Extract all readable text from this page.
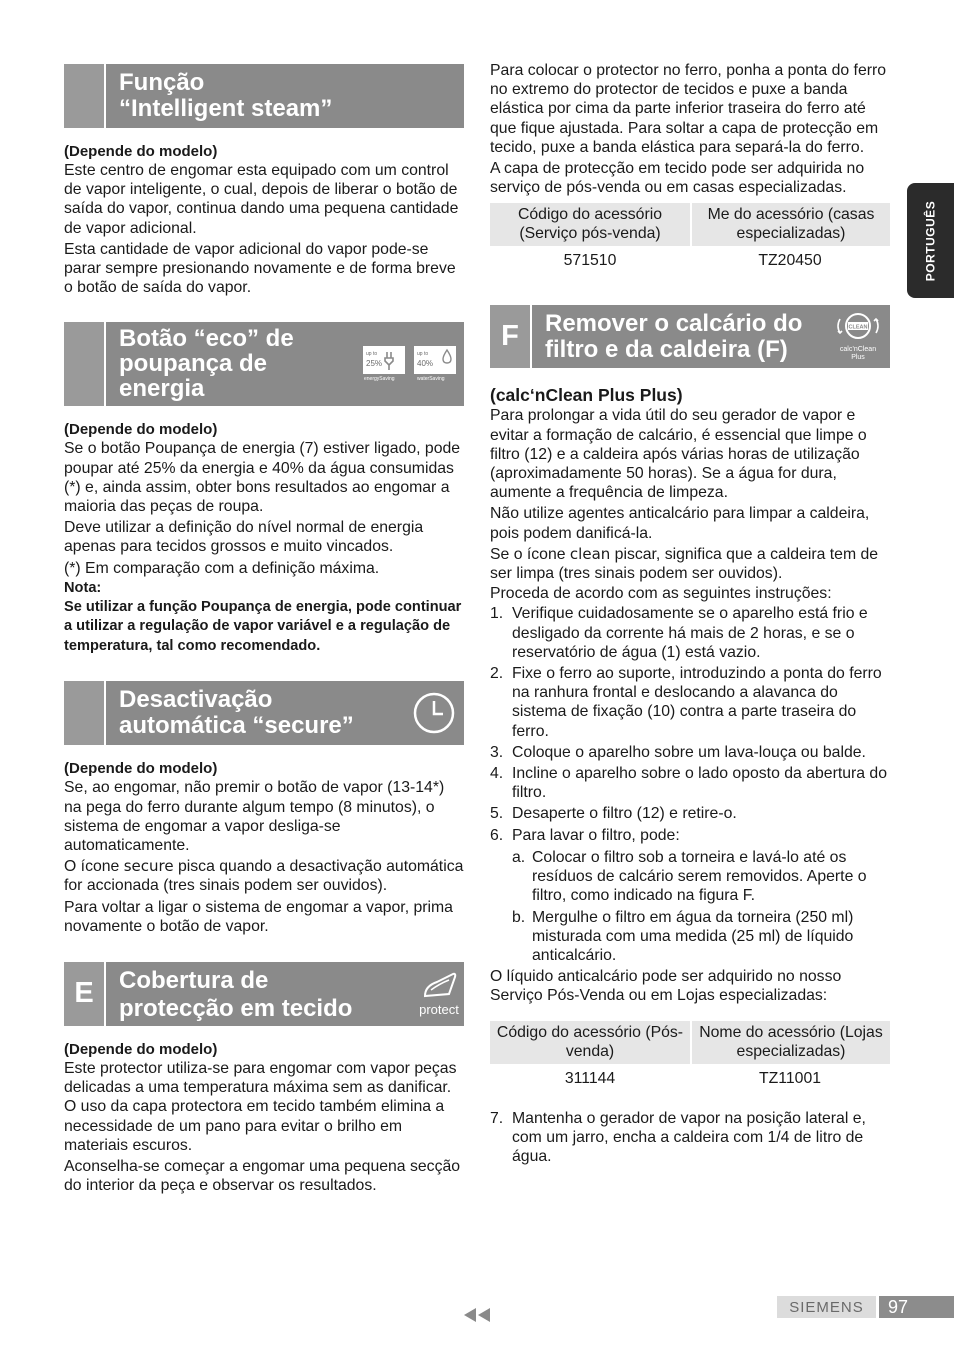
PORTUGUÊS
Função
“Intelligent steam”
(Depende do modelo)

Este centro de engomar esta equipado com um control de vapor inteligente, o cual, depois de liberar o botão de saída do vapor, continua dando uma pequena cantidade de vapor adicional.

Esta cantidade de vapor adicional do vapor pode-se parar sempre presionando novamente e de forma breve o botão de saída do vapor.

Botão “eco” de
poupança de
energia
up to
25%
energySaving
up to
40%
waterSaving
(Depende do modelo)

Se o botão Poupança de energia (7) estiver ligado, pode poupar até 25% da energia e 40% da água consumidas (*) e, ainda assim, obter bons resultados ao engomar a maioria das peças de roupa.

Deve utilizar a definição do nível normal de energia apenas para tecidos grossos e muito vincados.

(*) Em comparação com a definição máxima.

Nota:

Se utilizar a função Poupança de energia, pode continuar a utilizar a regulação de vapor variável e a regulação de temperatura, tal como recomendado.

Desactivação
automática “secure”
(Depende do modelo)

Se, ao engomar, não premir o botão de vapor (13-14*) na pega do ferro durante algum tempo (8 minutos), o sistema de engomar a vapor desliga-se automaticamente.

O ícone secure pisca quando a desactivação automática for accionada (tres sinais podem ser ouvidos).

Para voltar a ligar o sistema de engomar a vapor, prima novamente o botão de vapor.

E	Cobertura de
protecção em tecido	protect
(Depende do modelo)

Este protector utiliza-se para engomar com vapor peças delicadas a uma temperatura máxima sem as danificar. O uso da capa protectora em tecido também elimina a necessidade de um pano para evitar o brilho em materiais escuros.

Aconselha-se começar a engomar uma pequena secção do interior da peça e observar os resultados.

Para colocar o protector no ferro, ponha a ponta do ferro no extremo do protector de tecidos e puxe a banda elástica por cima da parte inferior traseira do ferro até que fique ajustada. Para soltar a capa de protecção em tecido, puxe a banda elástica para separá-la do ferro.

A capa de protecção em tecido pode ser adquirida no serviço de pós-venda ou em casas especializadas.

Código do acessório (Serviço pós-venda)	Me do acessório (casas especializadas)
571510	TZ20450
F	Remover o calcário do
filtro e da caldeira (F)
CLEAN
calc’nClean
Plus
(calc‘nClean Plus Plus)

Para prolongar a vida útil do seu gerador de vapor e evitar a formação de calcário, é essencial que limpe o filtro (12) e a caldeira após várias horas de utilização (aproximadamente 50 horas). Se a água for dura, aumente a frequência de limpeza.

Não utilize agentes anticalcário para limpar a caldeira, pois podem danificá-la.

Se o ícone clean piscar, significa que a caldeira tem de ser limpa (tres sinais podem ser ouvidos).

Proceda de acordo com as seguintes instruções:

1. Verifique cuidadosamente se o aparelho está frio e desligado da corrente há mais de 2 horas, e se o reservatório de água (1) está vazio.
2. Fixe o ferro ao suporte, introduzindo a ponta do ferro na ranhura frontal e deslocando a alavanca do sistema de fixação (10) contra a parte traseira do ferro.
3. Coloque o aparelho sobre um lava-louça ou balde.
4. Incline o aparelho sobre o lado oposto da abertura do filtro.
5. Desaperte o filtro (12) e retire-o.
6. Para lavar o filtro, pode:
a. Colocar o filtro sob a torneira e lavá-lo até os resíduos de calcário serem removidos. Aperte o filtro, como indicado na figura F.
b. Mergulhe o filtro em água da torneira (250 ml) misturada com uma medida (25 ml) de líquido anticalcário.

O líquido anticalcário pode ser adquirido no nosso Serviço Pós-Venda ou em Lojas especializadas:

Código do acessório (Pós-venda)	Nome do acessório (Lojas especializadas)
311144	TZ11001
7. Mantenha o gerador de vapor na posição lateral e, com um jarro, encha a caldeira com 1/4 de litro de água.
SIEMENS	97
